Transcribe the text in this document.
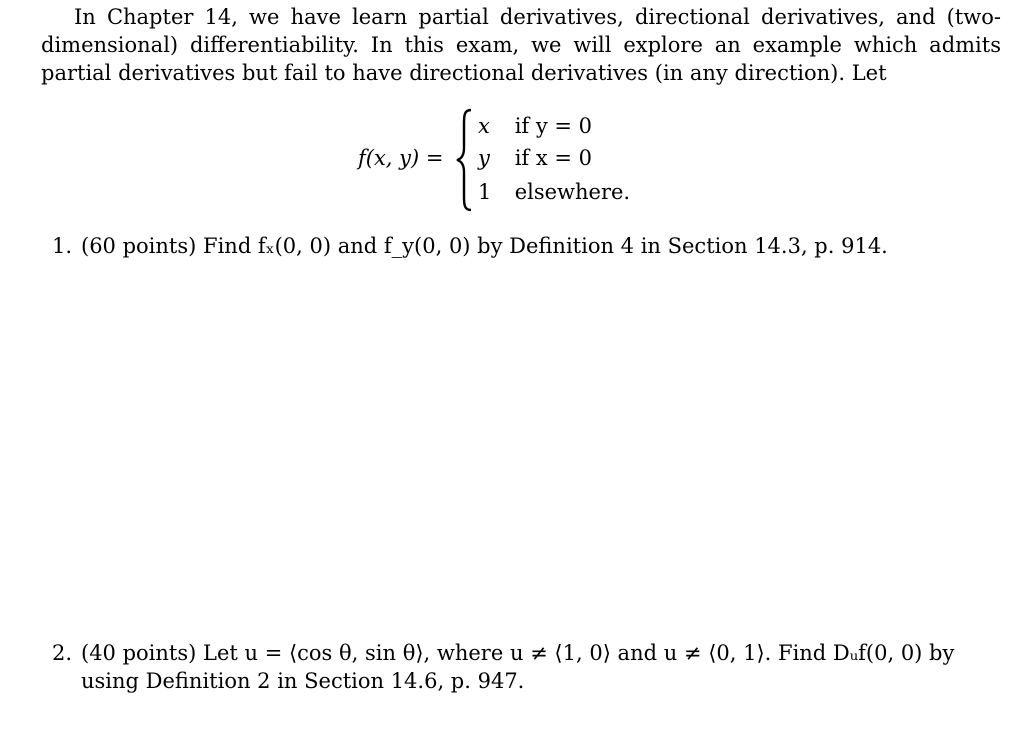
In Chapter 14, we have learn partial derivatives, directional derivatives, and (two-dimensional) differentiability. In this exam, we will explore an example which admits partial derivatives but fail to have directional derivatives (in any direction). Let
f(x, y) =
x if y = 0
y if x = 0
1 elsewhere.
1. (60 points) Find fₓ(0, 0) and f_y(0, 0) by Definition 4 in Section 14.3, p. 914.
2. (40 points) Let u = ⟨cos θ, sin θ⟩, where u ≠ ⟨1, 0⟩ and u ≠ ⟨0, 1⟩. Find Dᵤf(0, 0) by using Definition 2 in Section 14.6, p. 947.
